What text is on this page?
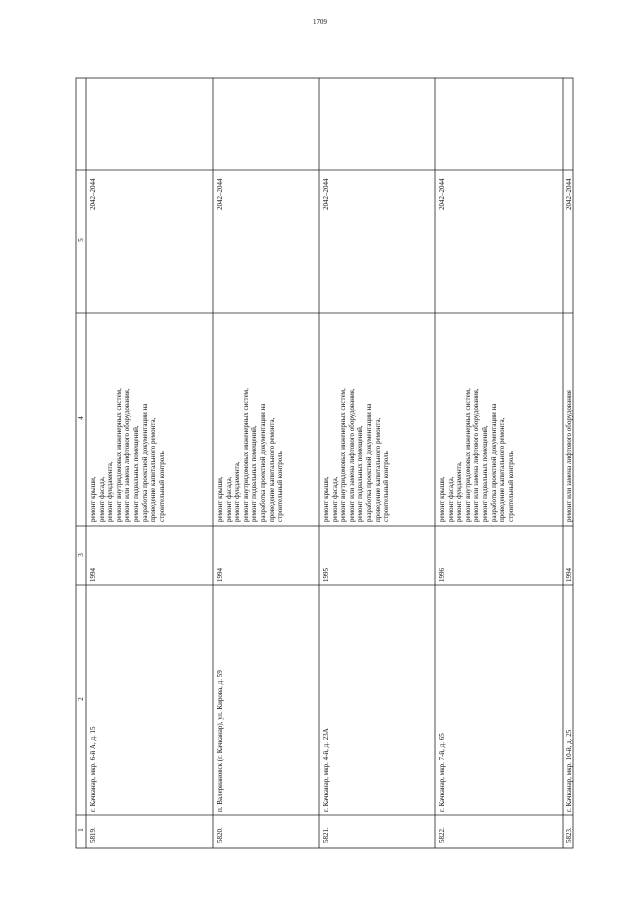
1709
1
2
3
4
5
5819.
г. Качканар, мкр. 6-й А, д. 15
1994
ремонт крыши, ремонт фасада, ремонт фундамента, ремонт внутридомовых инженерных систем, ремонт или замена лифтового оборудования, ремонт подвальных помещений, разработка проектной документации на проведение капитального ремонта, строительный контроль
2042–2044
5820.
п. Валериановск (г. Качканар), ул. Кирова, д. 59
1994
ремонт крыши, ремонт фасада, ремонт фундамента, ремонт внутридомовых инженерных систем, ремонт подвальных помещений, разработка проектной документации на проведение капитального ремонта, строительный контроль
2042–2044
5821.
г. Качканар, мкр. 4-й, д. 23А
1995
ремонт крыши, ремонт фасада, ремонт внутридомовых инженерных систем, ремонт или замена лифтового оборудования, ремонт подвальных помещений, разработка проектной документации на проведение капитального ремонта, строительный контроль
2042–2044
5822.
г. Качканар, мкр. 7-й, д. 65
1996
ремонт крыши, ремонт фасада, ремонт фундамента, ремонт внутридомовых инженерных систем, ремонт или замена лифтового оборудования, ремонт подвальных помещений, разработка проектной документации на проведение капитального ремонта, строительный контроль
2042–2044
5823.
г. Качканар, мкр. 10-й, д. 25
1994
ремонт или замена лифтового оборудования
2042–2044
